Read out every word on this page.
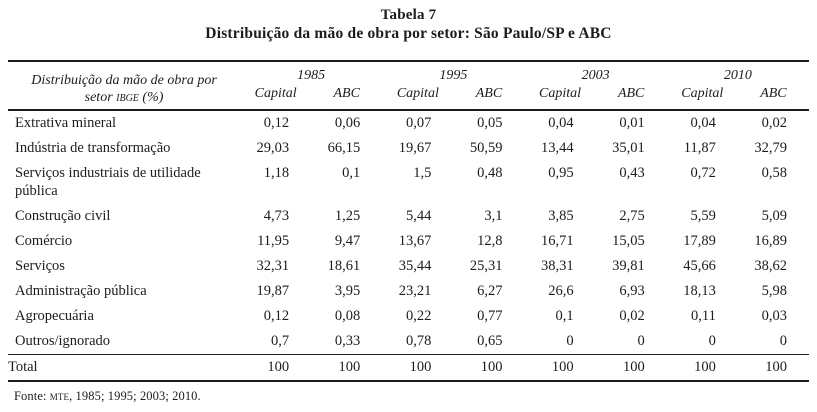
Tabela 7
Distribuição da mão de obra por setor: São Paulo/SP e ABC
Distribuição da mão de obra por
setor ibge (%)	1985		1995		2003		2010	
	Capital	ABC	Capital	ABC	Capital	ABC	Capital	ABC
Extrativa mineral	0,12	0,06	0,07	0,05	0,04	0,01	0,04	0,02
Indústria de transformação	29,03	66,15	19,67	50,59	13,44	35,01	11,87	32,79
Serviços industriais de utilidade pública	1,18	0,1	1,5	0,48	0,95	0,43	0,72	0,58
Construção civil	4,73	1,25	5,44	3,1	3,85	2,75	5,59	5,09
Comércio	11,95	9,47	13,67	12,8	16,71	15,05	17,89	16,89
Serviços	32,31	18,61	35,44	25,31	38,31	39,81	45,66	38,62
Administração pública	19,87	3,95	23,21	6,27	26,6	6,93	18,13	5,98
Agropecuária	0,12	0,08	0,22	0,77	0,1	0,02	0,11	0,03
Outros/ignorado	0,7	0,33	0,78	0,65	0	0	0	0
Total	100	100	100	100	100	100	100	100
Fonte: mte, 1985; 1995; 2003; 2010.
